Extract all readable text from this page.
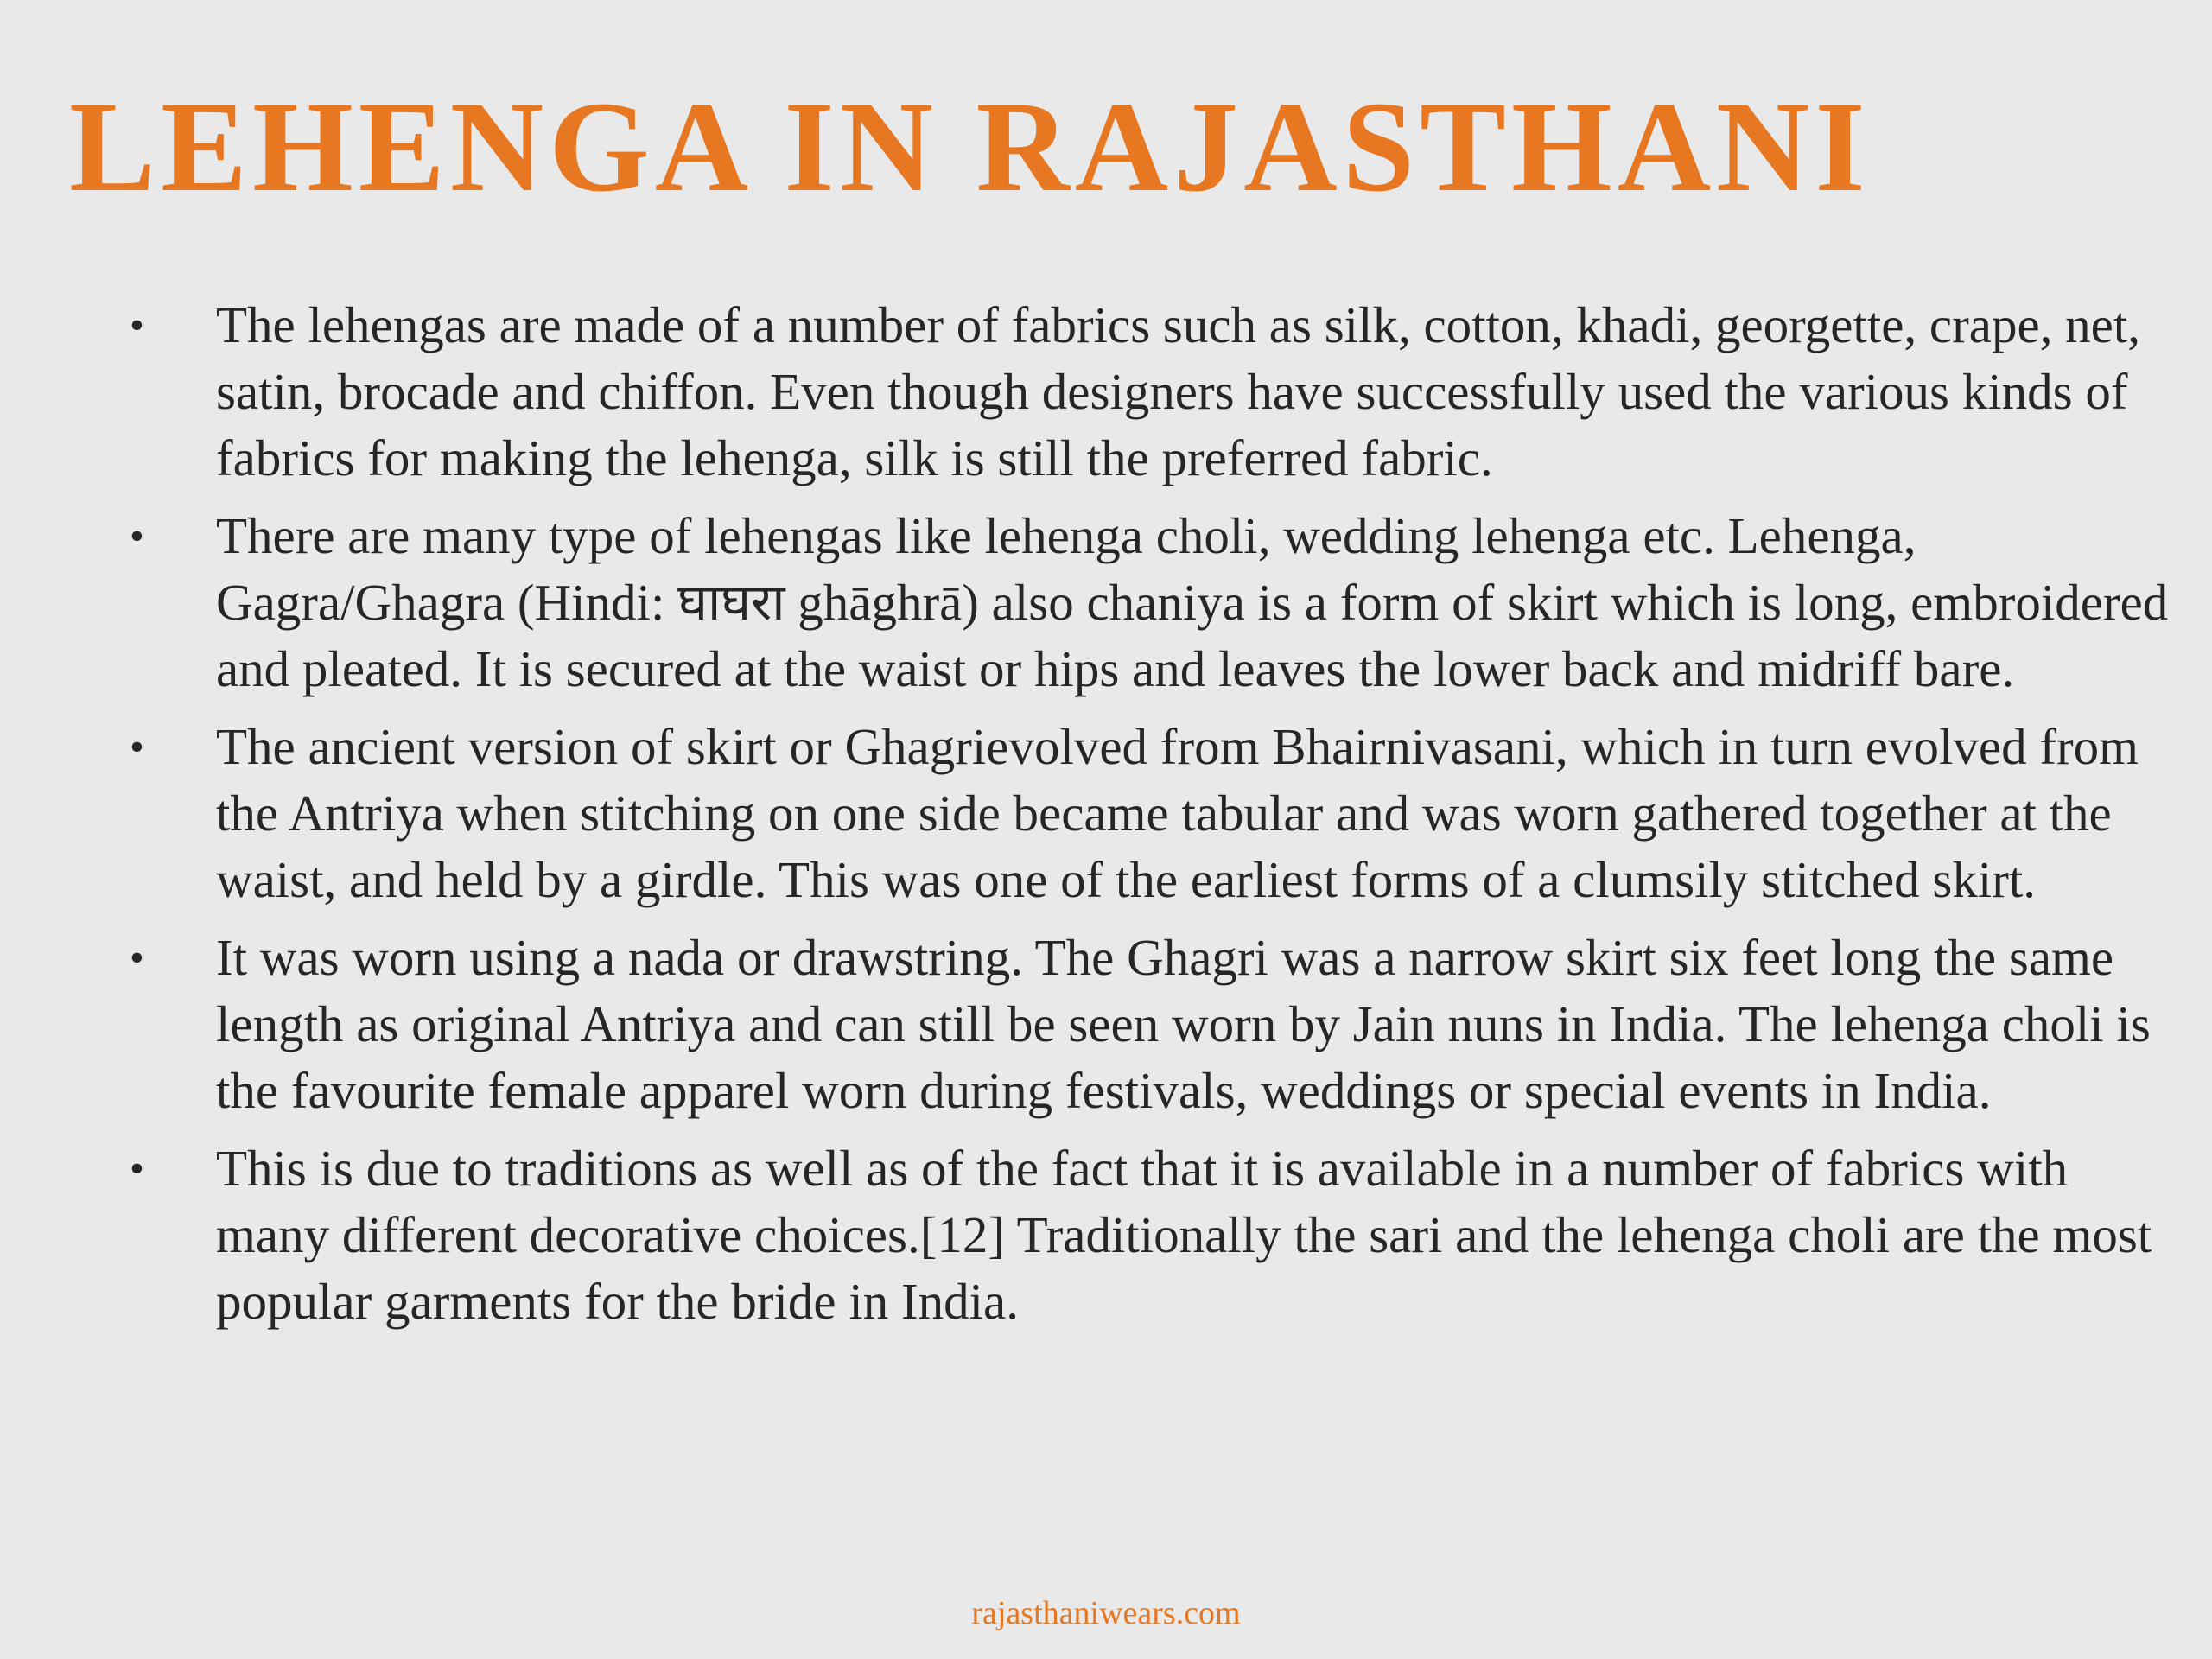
LEHENGA IN RAJASTHANI
• The lehengas are made of a number of fabrics such as silk, cotton, khadi, georgette, crape, net, satin, brocade and chiffon. Even though designers have successfully used the various kinds of fabrics for making the lehenga, silk is still the preferred fabric.
• There are many type of lehengas like lehenga choli, wedding lehenga etc. Lehenga, Gagra/Ghagra (Hindi: घाघरा ghāghrā) also chaniya is a form of skirt which is long, embroidered and pleated. It is secured at the waist or hips and leaves the lower back and midriff bare.
• The ancient version of skirt or Ghagrievolved from Bhairnivasani, which in turn evolved from the Antriya when stitching on one side became tabular and was worn gathered together at the waist, and held by a girdle. This was one of the earliest forms of a clumsily stitched skirt.
• It was worn using a nada or drawstring. The Ghagri was a narrow skirt six feet long the same length as original Antriya and can still be seen worn by Jain nuns in India. The lehenga choli is the favourite female apparel worn during festivals, weddings or special events in India.
• This is due to traditions as well as of the fact that it is available in a number of fabrics with many different decorative choices.[12] Traditionally the sari and the lehenga choli are the most popular garments for the bride in India.
rajasthaniwears.com
